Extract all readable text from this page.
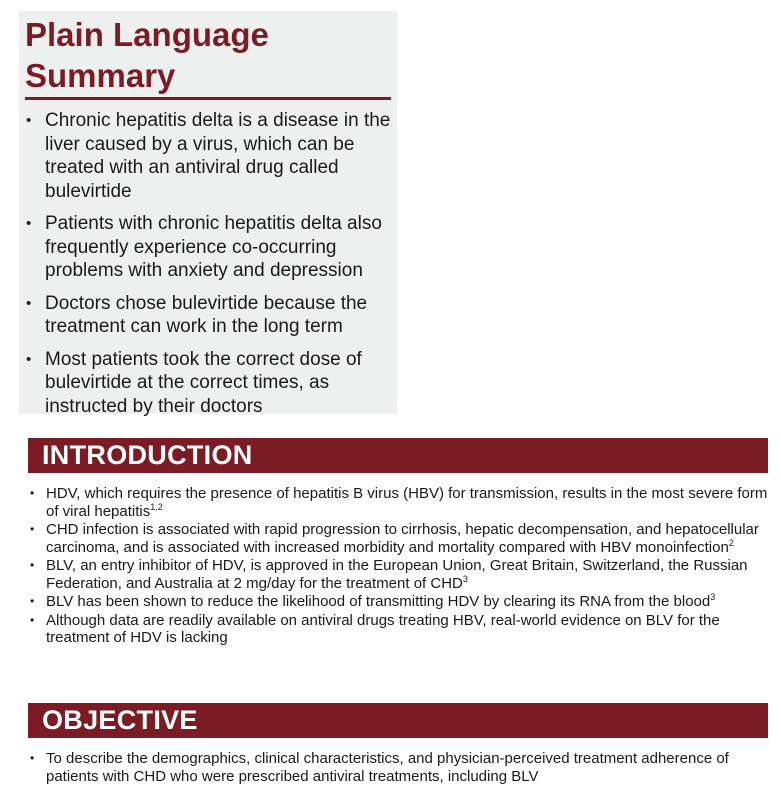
Plain Language Summary
• Chronic hepatitis delta is a disease in the liver caused by a virus, which can be treated with an antiviral drug called bulevirtide
• Patients with chronic hepatitis delta also frequently experience co-occurring problems with anxiety and depression
• Doctors chose bulevirtide because the treatment can work in the long term
• Most patients took the correct dose of bulevirtide at the correct times, as instructed by their doctors
INTRODUCTION
• HDV, which requires the presence of hepatitis B virus (HBV) for transmission, results in the most severe form of viral hepatitis$^{1,2}$
• CHD infection is associated with rapid progression to cirrhosis, hepatic decompensation, and hepatocellular carcinoma, and is associated with increased morbidity and mortality compared with HBV monoinfection$^2$
• BLV, an entry inhibitor of HDV, is approved in the European Union, Great Britain, Switzerland, the Russian Federation, and Australia at 2 mg/day for the treatment of CHD$^3$
• BLV has been shown to reduce the likelihood of transmitting HDV by clearing its RNA from the blood$^3$
• Although data are readily available on antiviral drugs treating HBV, real-world evidence on BLV for the treatment of HDV is lacking
OBJECTIVE
• To describe the demographics, clinical characteristics, and physician-perceived treatment adherence of patients with CHD who were prescribed antiviral treatments, including BLV
